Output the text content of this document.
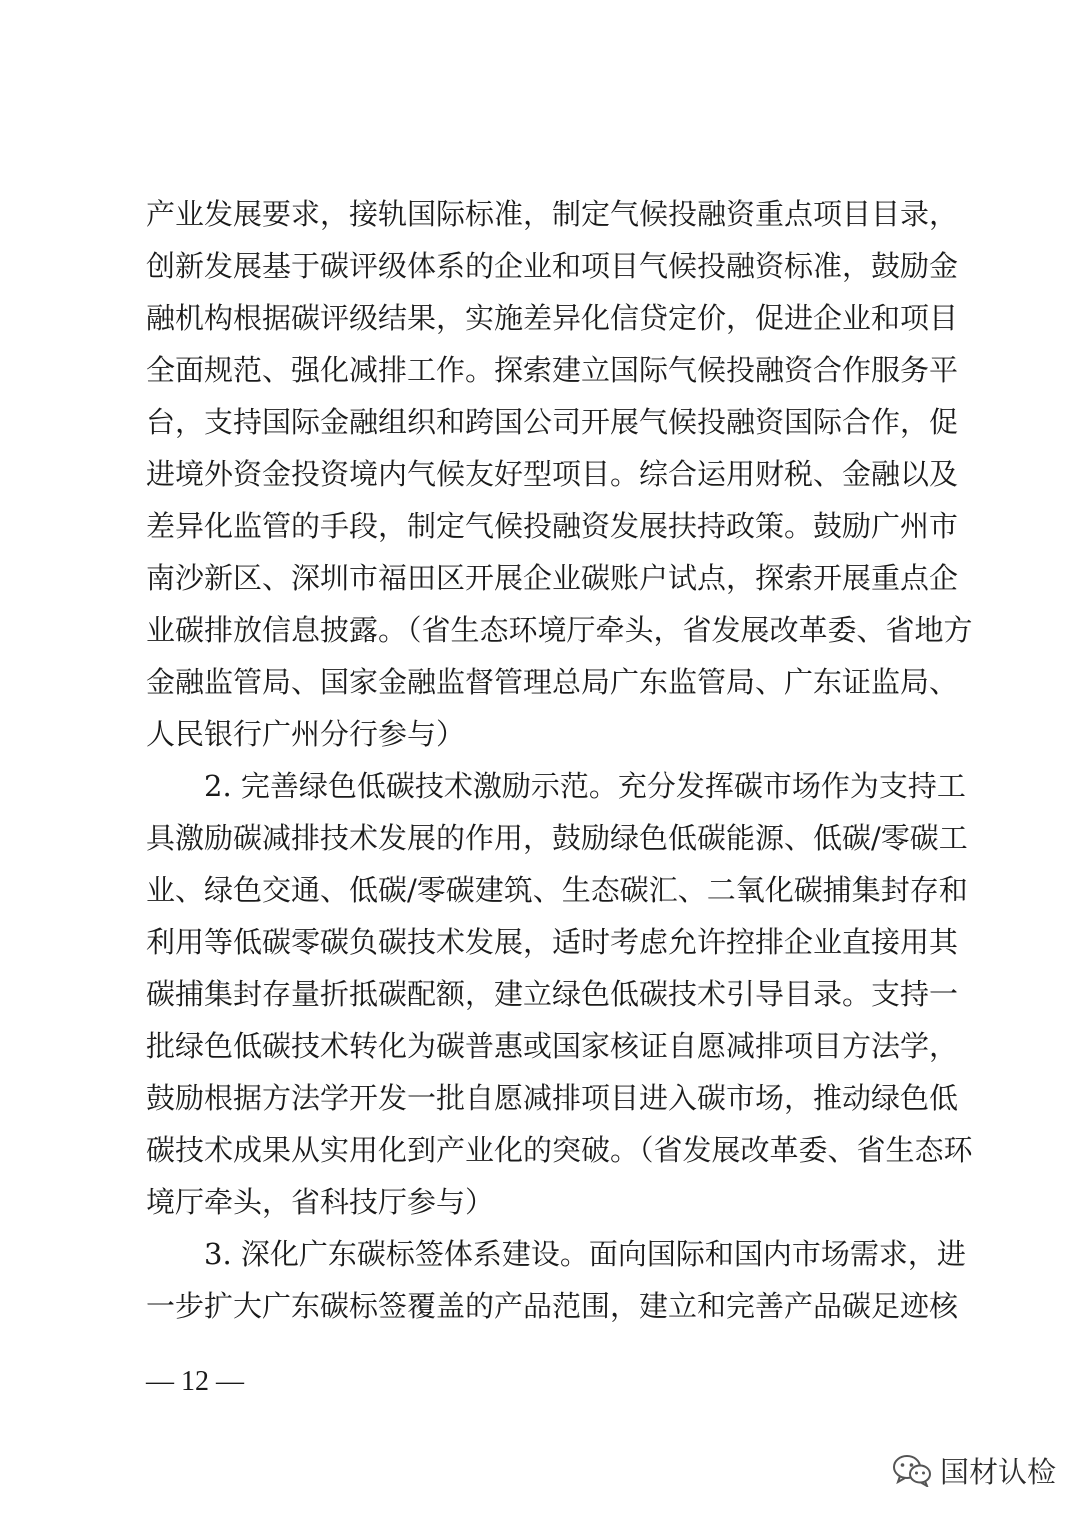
产业发展要求，接轨国际标准，制定气候投融资重点项目目录，
创新发展基于碳评级体系的企业和项目气候投融资标准，鼓励金
融机构根据碳评级结果，实施差异化信贷定价，促进企业和项目
全面规范、强化减排工作。探索建立国际气候投融资合作服务平
台，支持国际金融组织和跨国公司开展气候投融资国际合作，促
进境外资金投资境内气候友好型项目。综合运用财税、金融以及
差异化监管的手段，制定气候投融资发展扶持政策。鼓励广州市
南沙新区、深圳市福田区开展企业碳账户试点，探索开展重点企
业碳排放信息披露。（省生态环境厅牵头，省发展改革委、省地方
金融监管局、国家金融监督管理总局广东监管局、广东证监局、
人民银行广州分行参与）
2. 完善绿色低碳技术激励示范。充分发挥碳市场作为支持工
具激励碳减排技术发展的作用，鼓励绿色低碳能源、低碳/零碳工
业、绿色交通、低碳/零碳建筑、生态碳汇、二氧化碳捕集封存和
利用等低碳零碳负碳技术发展，适时考虑允许控排企业直接用其
碳捕集封存量折抵碳配额，建立绿色低碳技术引导目录。支持一
批绿色低碳技术转化为碳普惠或国家核证自愿减排项目方法学，
鼓励根据方法学开发一批自愿减排项目进入碳市场，推动绿色低
碳技术成果从实用化到产业化的突破。（省发展改革委、省生态环
境厅牵头，省科技厅参与）
3. 深化广东碳标签体系建设。面向国际和国内市场需求，进
一步扩大广东碳标签覆盖的产品范围，建立和完善产品碳足迹核
— 12 —
国材认检
